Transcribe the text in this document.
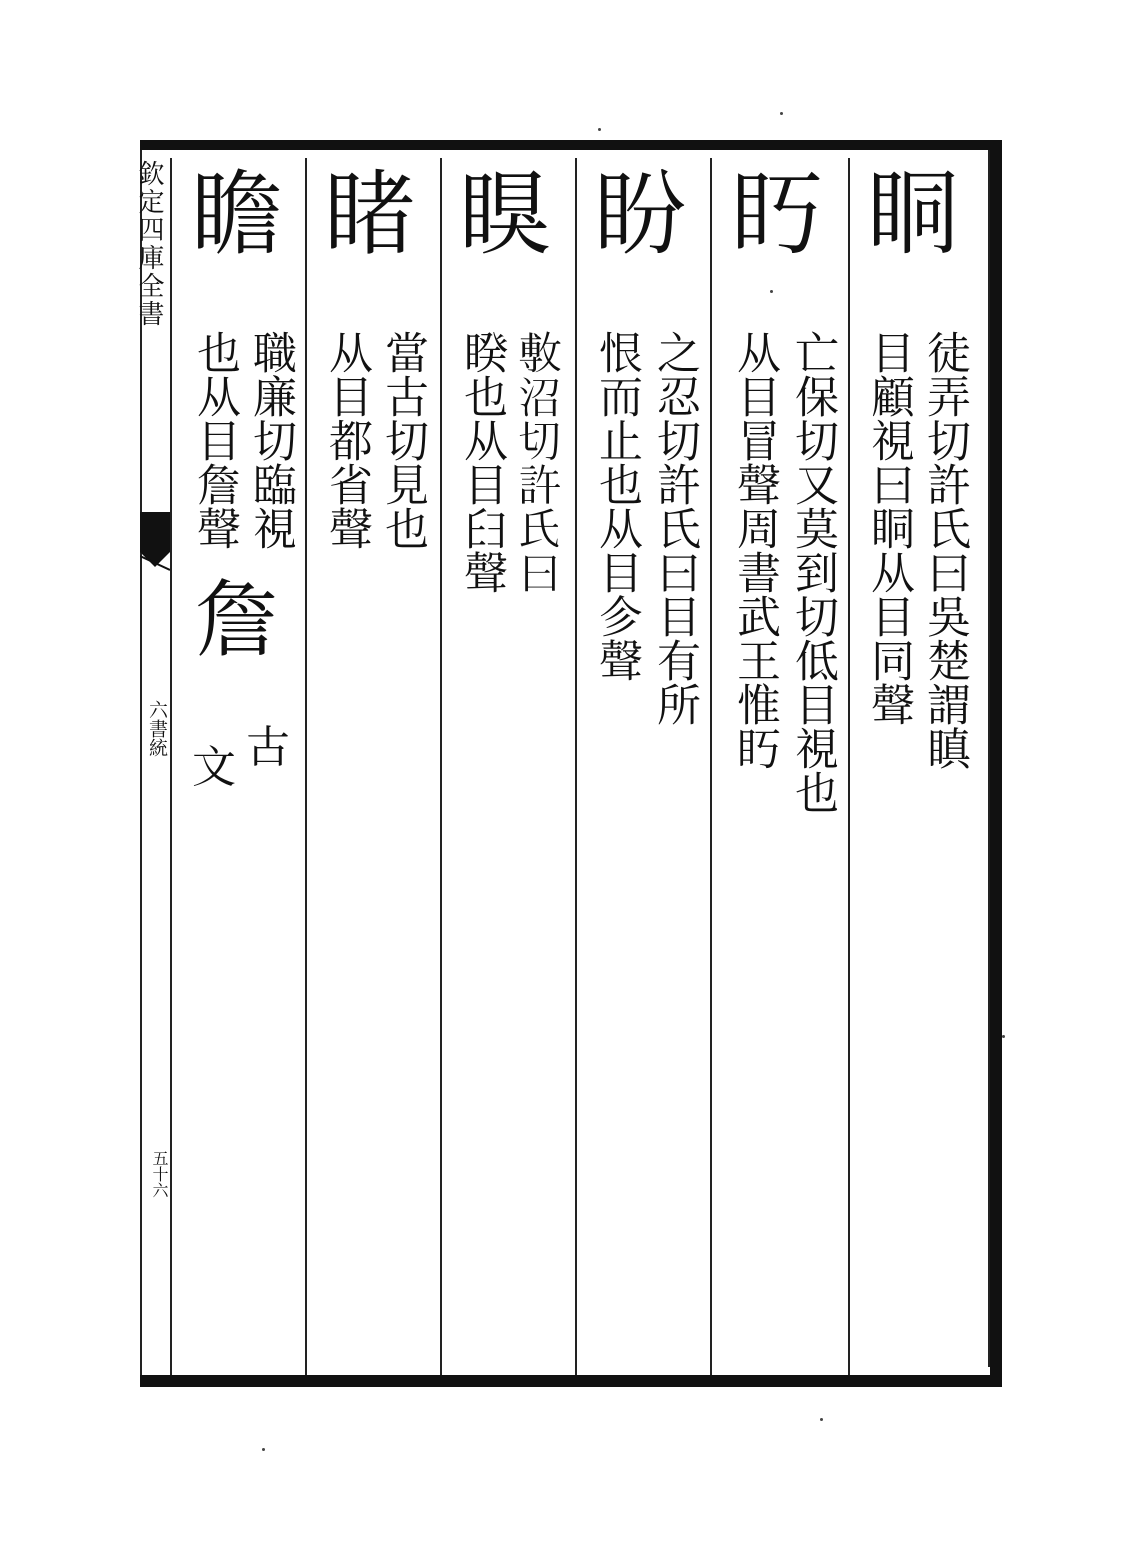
欽定四庫全書
六書統
五十六
眮
徒弄切許氏曰吳楚謂瞋
目顧視曰眮从目同聲
䀎
亡保切又莫到切低目視也
从目冒聲周書武王惟䀎
盼
之忍切許氏曰目有所
恨而止也从目㐱聲
瞁
𢾭沼切許氏曰
睽也从目𦥑聲
睹
當古切見也
从目都省聲
瞻
職廉切臨視
也从目詹聲
詹
古
文
